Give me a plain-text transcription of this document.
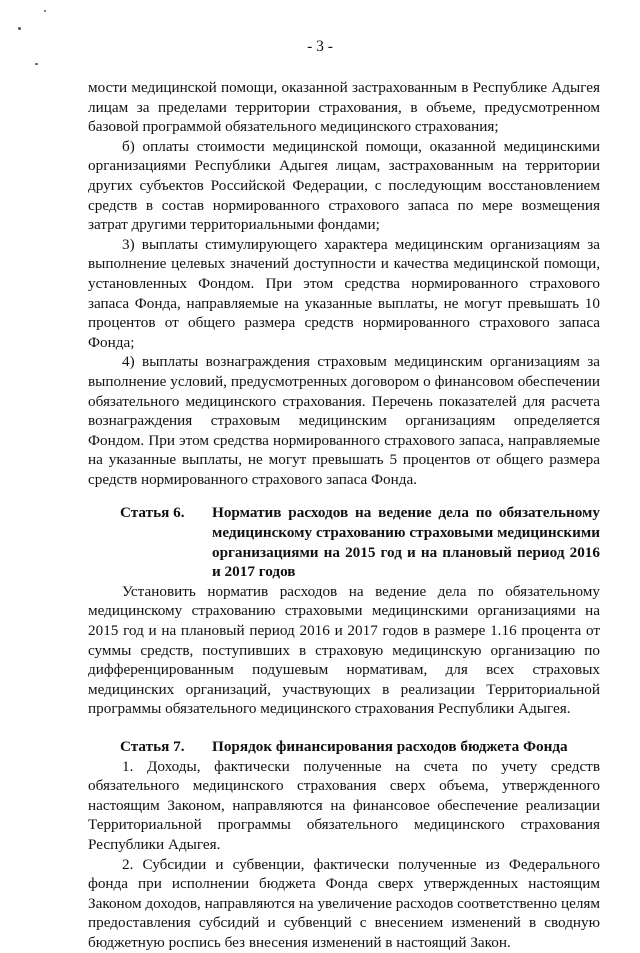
- 3 -

мости медицинской помощи, оказанной застрахованным в Республике Адыгея лицам за пределами территории страхования, в объеме, предусмотренном базовой программой обязательного медицинского страхования;

б) оплаты стоимости медицинской помощи, оказанной медицинскими организациями Республики Адыгея лицам, застрахованным на территории других субъектов Российской Федерации, с последующим восстановлением средств в состав нормированного страхового запаса по мере возмещения затрат другими территориальными фондами;

3) выплаты стимулирующего характера медицинским организациям за выполнение целевых значений доступности и качества медицинской помощи, установленных Фондом. При этом средства нормированного страхового запаса Фонда, направляемые на указанные выплаты, не могут превышать 10 процентов от общего размера средств нормированного страхового запаса Фонда;

4) выплаты вознаграждения страховым медицинским организациям за выполнение условий, предусмотренных договором о финансовом обеспечении обязательного медицинского страхования. Перечень показателей для расчета вознаграждения страховым медицинским организациям определяется Фондом. При этом средства нормированного страхового запаса, направляемые на указанные выплаты, не могут превышать 5 процентов от общего размера средств нормированного страхового запаса Фонда.

Статья 6.	Норматив расходов на ведение дела по обязательному медицинскому страхованию страховыми медицинскими организациями на 2015 год и на плановый период 2016 и 2017 годов

Установить норматив расходов на ведение дела по обязательному медицинскому страхованию страховыми медицинскими организациями на 2015 год и на плановый период 2016 и 2017 годов в размере 1.16 процента от суммы средств, поступивших в страховую медицинскую организацию по дифференцированным подушевым нормативам, для всех страховых медицинских организаций, участвующих в реализации Территориальной программы обязательного медицинского страхования Республики Адыгея.

Статья 7.	Порядок финансирования расходов бюджета Фонда

1. Доходы, фактически полученные на счета по учету средств обязательного медицинского страхования сверх объема, утвержденного настоящим Законом, направляются на финансовое обеспечение реализации Территориальной программы обязательного медицинского страхования Республики Адыгея.

2. Субсидии и субвенции, фактически полученные из Федерального фонда при исполнении бюджета Фонда сверх утвержденных настоящим Законом доходов, направляются на увеличение расходов соответственно целям предоставления субсидий и субвенций с внесением изменений в сводную бюджетную роспись без внесения изменений в настоящий Закон.
